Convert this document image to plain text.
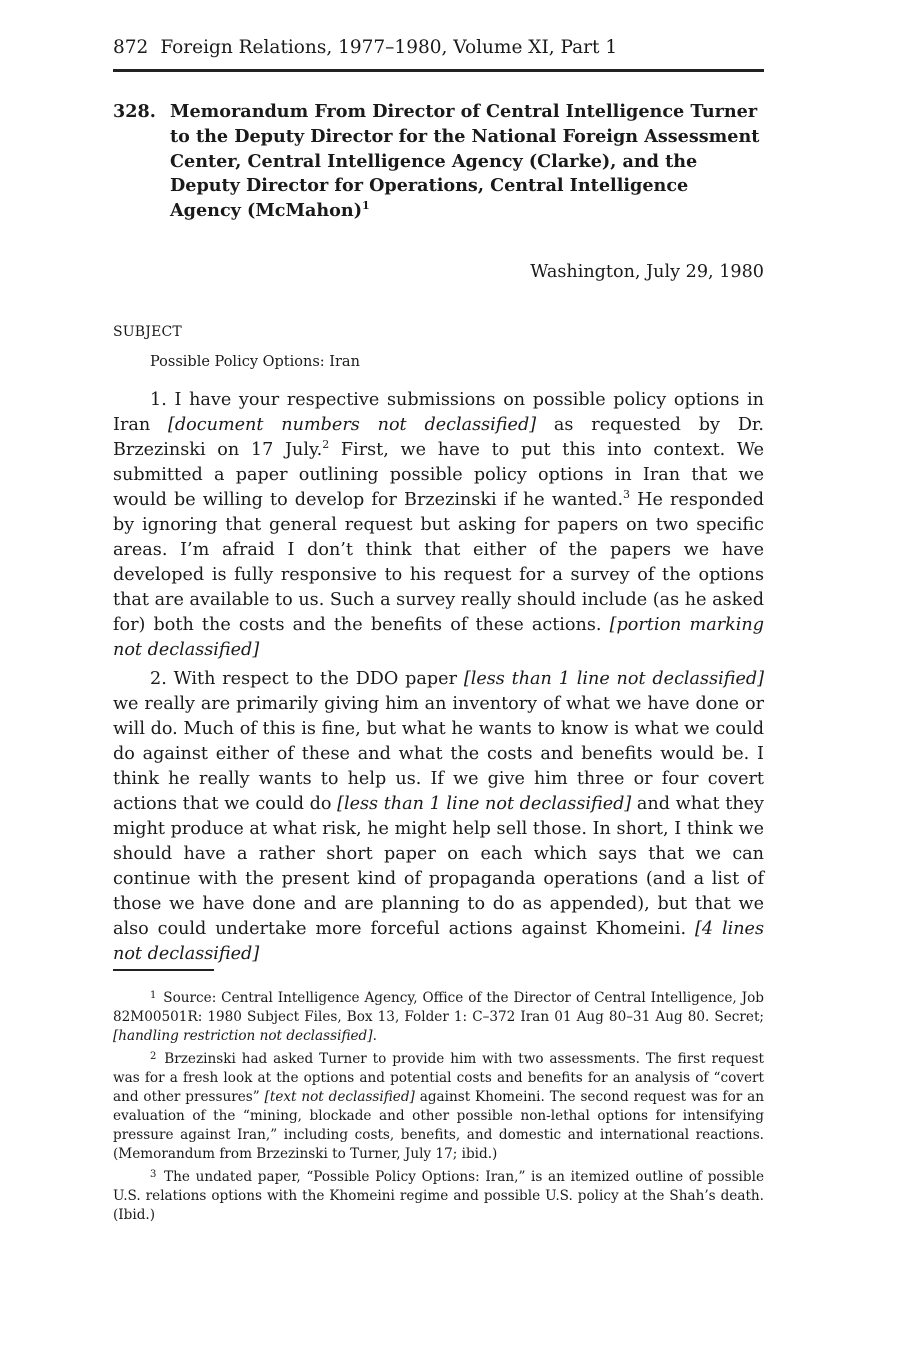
872 Foreign Relations, 1977–1980, Volume XI, Part 1
328. Memorandum From Director of Central Intelligence Turner to the Deputy Director for the National Foreign Assessment Center, Central Intelligence Agency (Clarke), and the Deputy Director for Operations, Central Intelligence Agency (McMahon)$^1$
Washington, July 29, 1980
SUBJECT
Possible Policy Options: Iran

1. I have your respective submissions on possible policy options in Iran [document numbers not declassified] as requested by Dr. Brzezinski on 17 July.$^2$ First, we have to put this into context. We submitted a paper outlining possible policy options in Iran that we would be willing to develop for Brzezinski if he wanted.$^3$ He responded by ignoring that general request but asking for papers on two specific areas. I’m afraid I don’t think that either of the papers we have developed is fully responsive to his request for a survey of the options that are available to us. Such a survey really should include (as he asked for) both the costs and the benefits of these actions. [portion marking not declassified]

2. With respect to the DDO paper [less than 1 line not declassified] we really are primarily giving him an inventory of what we have done or will do. Much of this is fine, but what he wants to know is what we could do against either of these and what the costs and benefits would be. I think he really wants to help us. If we give him three or four covert actions that we could do [less than 1 line not declassified] and what they might produce at what risk, he might help sell those. In short, I think we should have a rather short paper on each which says that we can continue with the present kind of propaganda operations (and a list of those we have done and are planning to do as appended), but that we also could undertake more forceful actions against Khomeini. [4 lines not declassified]

$^1$ Source: Central Intelligence Agency, Office of the Director of Central Intelligence, Job 82M00501R: 1980 Subject Files, Box 13, Folder 1: C–372 Iran 01 Aug 80–31 Aug 80. Secret; [handling restriction not declassified].

$^2$ Brzezinski had asked Turner to provide him with two assessments. The first request was for a fresh look at the options and potential costs and benefits for an analysis of “covert and other pressures” [text not declassified] against Khomeini. The second request was for an evaluation of the “mining, blockade and other possible non-lethal options for intensifying pressure against Iran,” including costs, benefits, and domestic and international reactions. (Memorandum from Brzezinski to Turner, July 17; ibid.)

$^3$ The undated paper, “Possible Policy Options: Iran,” is an itemized outline of possible U.S. relations options with the Khomeini regime and possible U.S. policy at the Shah’s death. (Ibid.)
